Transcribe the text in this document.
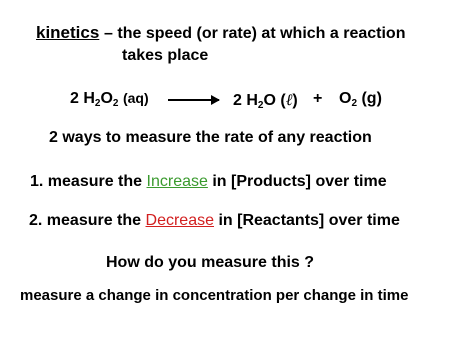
kinetics – the speed (or rate) at which a reaction
takes place
2 $H_2O_2$ (aq) → 2 $H_2O$ (ℓ) + $O_2$ (g)
2 ways to measure the rate of any reaction
1. measure the Increase in [Products] over time
2. measure the Decrease in [Reactants] over time
How do you measure this ?
measure a change in concentration per change in time
